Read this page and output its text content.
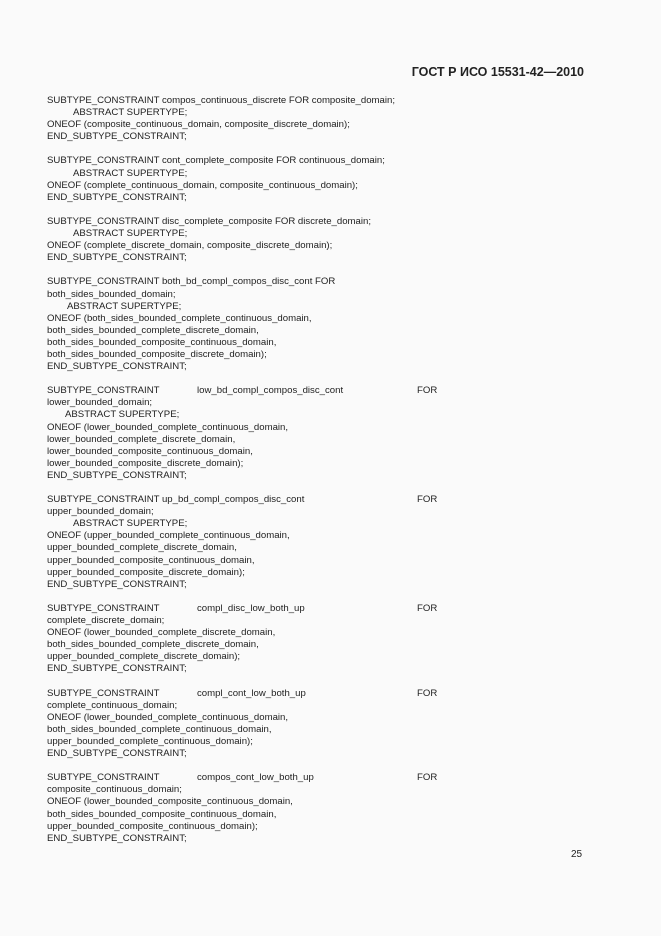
ГОСТ Р ИСО 15531-42—2010
SUBTYPE_CONSTRAINT compos_continuous_discrete FOR composite_domain;
ABSTRACT SUPERTYPE;
ONEOF (composite_continuous_domain, composite_discrete_domain);
END_SUBTYPE_CONSTRAINT;
SUBTYPE_CONSTRAINT cont_complete_composite FOR continuous_domain;
ABSTRACT SUPERTYPE;
ONEOF (complete_continuous_domain, composite_continuous_domain);
END_SUBTYPE_CONSTRAINT;
SUBTYPE_CONSTRAINT disc_complete_composite FOR discrete_domain;
ABSTRACT SUPERTYPE;
ONEOF (complete_discrete_domain, composite_discrete_domain);
END_SUBTYPE_CONSTRAINT;
SUBTYPE_CONSTRAINT both_bd_compl_compos_disc_cont FOR
both_sides_bounded_domain;
ABSTRACT SUPERTYPE;
ONEOF (both_sides_bounded_complete_continuous_domain,
both_sides_bounded_complete_discrete_domain,
both_sides_bounded_composite_continuous_domain,
both_sides_bounded_composite_discrete_domain);
END_SUBTYPE_CONSTRAINT;
SUBTYPE_CONSTRAINT	low_bd_compl_compos_disc_cont	FOR
lower_bounded_domain;
ABSTRACT SUPERTYPE;
ONEOF (lower_bounded_complete_continuous_domain,
lower_bounded_complete_discrete_domain,
lower_bounded_composite_continuous_domain,
lower_bounded_composite_discrete_domain);
END_SUBTYPE_CONSTRAINT;
SUBTYPE_CONSTRAINT up_bd_compl_compos_disc_cont	FOR
upper_bounded_domain;
ABSTRACT SUPERTYPE;
ONEOF (upper_bounded_complete_continuous_domain,
upper_bounded_complete_discrete_domain,
upper_bounded_composite_continuous_domain,
upper_bounded_composite_discrete_domain);
END_SUBTYPE_CONSTRAINT;
SUBTYPE_CONSTRAINT	compl_disc_low_both_up	FOR
complete_discrete_domain;
ONEOF (lower_bounded_complete_discrete_domain,
both_sides_bounded_complete_discrete_domain,
upper_bounded_complete_discrete_domain);
END_SUBTYPE_CONSTRAINT;
SUBTYPE_CONSTRAINT	compl_cont_low_both_up	FOR
complete_continuous_domain;
ONEOF (lower_bounded_complete_continuous_domain,
both_sides_bounded_complete_continuous_domain,
upper_bounded_complete_continuous_domain);
END_SUBTYPE_CONSTRAINT;
SUBTYPE_CONSTRAINT	compos_cont_low_both_up	FOR
composite_continuous_domain;
ONEOF (lower_bounded_composite_continuous_domain,
both_sides_bounded_composite_continuous_domain,
upper_bounded_composite_continuous_domain);
END_SUBTYPE_CONSTRAINT;
25
